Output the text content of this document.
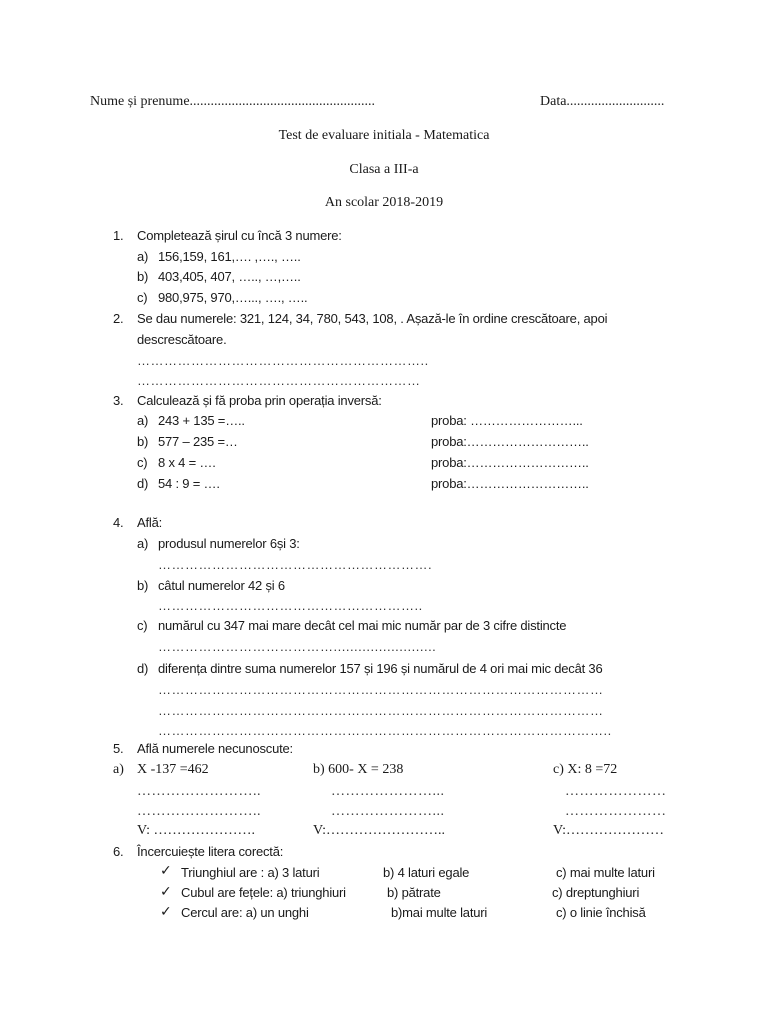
Nume și prenume.....................................................	Data............................
Test de evaluare initiala - Matematica
Clasa a III-a
An scolar 2018-2019
1. Completează șirul cu încă 3 numere:
a) 156,159, 161,…. ,…., …..
b) 403,405, 407, ….., …,…..
c) 980,975, 970,…..., …., …..
2. Se dau numerele: 321, 124, 34, 780, 543, 108, . Așază-le în ordine crescătoare, apoi
descrescătoare.
………………………………………………………..
………………………………………………………
3. Calculează și fă proba prin operația inversă:
a) 243 + 135 =…..	proba: ……………………...
b) 577 – 235 =…	proba:………………………..
c) 8 x 4 = ….	proba:………………………..
d) 54 : 9 = ….	proba:………………………..
4. Află:
a) produsul numerelor 6și 3:
…………………………………………………….
b) câtul numerelor 42 și 6
…………………………………………………..
c) numărul cu 347 mai mare decât cel mai mic număr par de 3 cifre distincte
………………………………….........................
d) diferența dintre suma numerelor 157 și 196 și numărul de 4 ori mai mic decât 36
………………………………………………………………………………………
………………………………………………………………………………………
………………………………………………………………………………………..
5. Află numerele necunoscute:
a) X -137 =462	b) 600- X = 238	c) X: 8 =72
……………………..	…………………...	…………………
……………………..	…………………...	…………………
V: ………………….	V:……………………..	V:…………………
6. Încercuiește litera corectă:
✓ Triunghiul are : a) 3 laturi	b) 4 laturi egale	c) mai multe laturi
✓ Cubul are fețele: a) triunghiuri	b) pătrate	c) dreptunghiuri
✓ Cercul are: a) un unghi	b)mai multe laturi	c) o linie închisă
